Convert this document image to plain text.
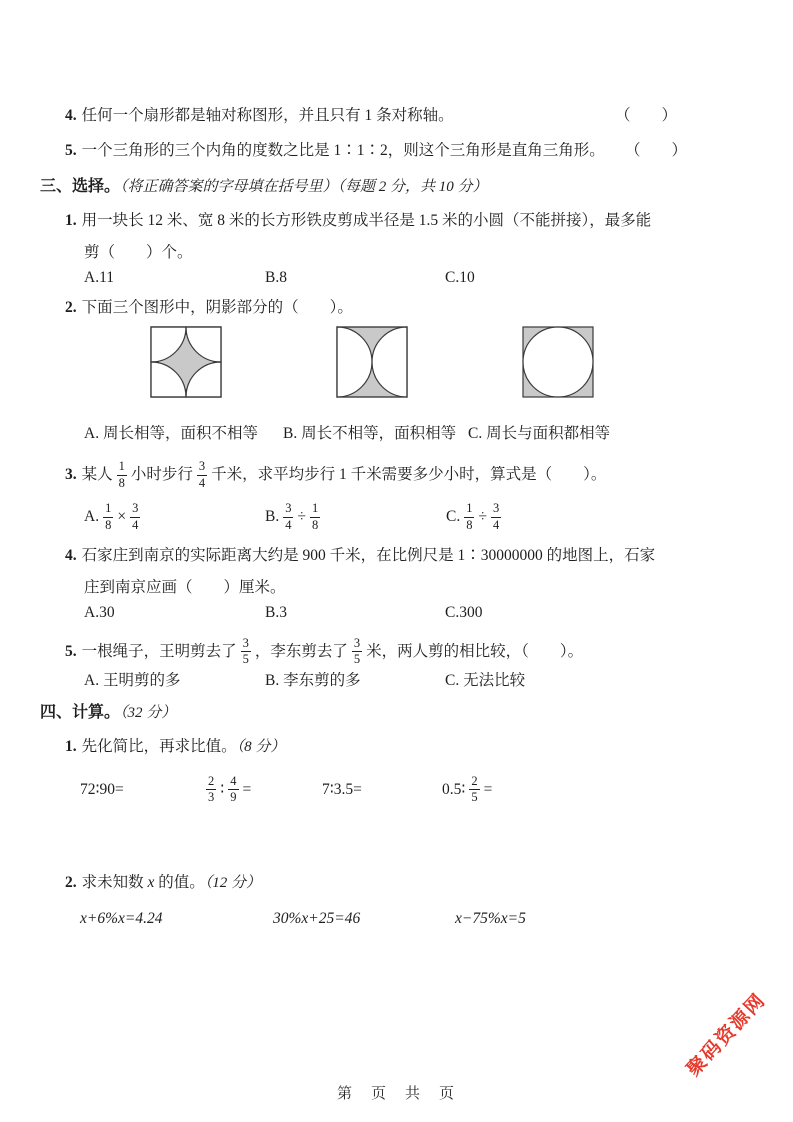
4. 任何一个扇形都是轴对称图形，并且只有 1 条对称轴。	（　　）
5. 一个三角形的三个内角的度数之比是 1∶1∶2，则这个三角形是直角三角形。 （　　）
三、选择。（将正确答案的字母填在括号里）（每题 2 分，共 10 分）
1. 用一块长 12 米、宽 8 米的长方形铁皮剪成半径是 1.5 米的小圆（不能拼接），最多能
剪（　　）个。
A.11	B.8	C.10
2. 下面三个图形中，阴影部分的（　　）。
A. 周长相等，面积不相等 B. 周长不相等，面积相等 C. 周长与面积都相等
3. 某人 $\frac{1}{8}$ 小时步行 $\frac{3}{4}$ 千米，求平均步行 1 千米需要多少小时，算式是（　　）。
A. $\frac{1}{8} \times \frac{3}{4}$	B. $\frac{3}{4} \div \frac{1}{8}$	C. $\frac{1}{8} \div \frac{3}{4}$
4. 石家庄到南京的实际距离大约是 900 千米，在比例尺是 1∶30000000 的地图上，石家
庄到南京应画（　　）厘米。
A.30	B.3	C.300
5. 一根绳子，王明剪去了 $\frac{3}{5}$ ，李东剪去了 $\frac{3}{5}$ 米，两人剪的相比较，（　　）。
A. 王明剪的多	B. 李东剪的多	C. 无法比较
四、计算。（32 分）
1. 先化简比，再求比值。（8 分）
72∶90=	$\frac{2}{3}$ ∶ $\frac{4}{9}$ =	7∶3.5=	0.5∶ $\frac{2}{5}$ =
2. 求未知数 x 的值。（12 分）
x+6%x=4.24	30%x+25=46	x−75%x=5
聚码资源网
第　页　共　页
